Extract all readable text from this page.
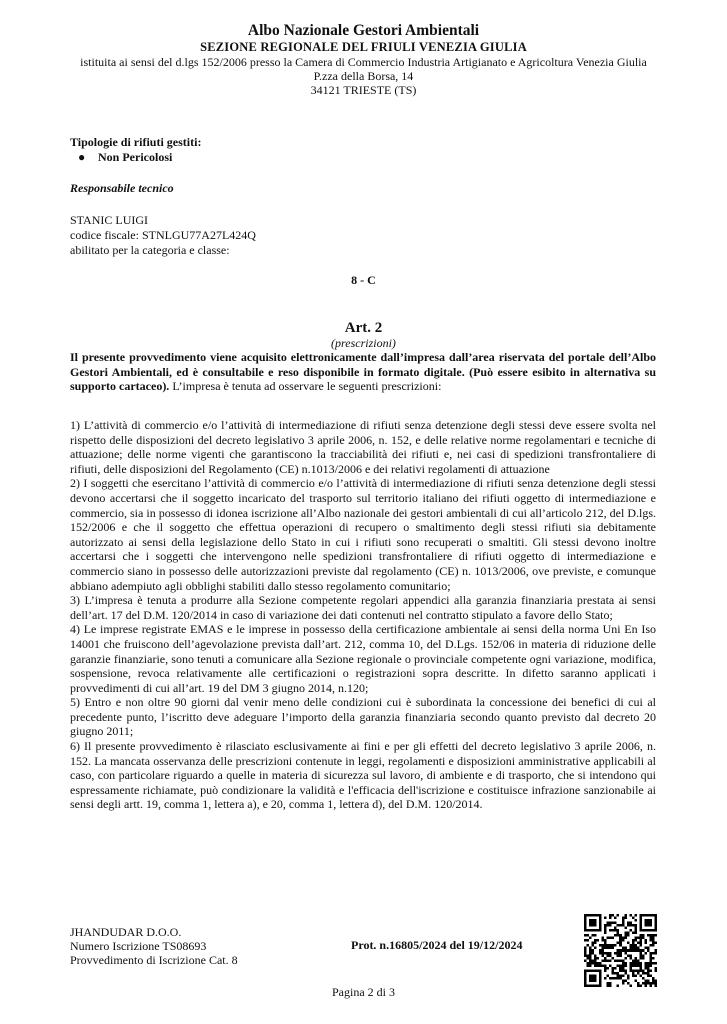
Albo Nazionale Gestori Ambientali
SEZIONE REGIONALE DEL FRIULI VENEZIA GIULIA
istituita ai sensi del d.lgs 152/2006 presso la Camera di Commercio Industria Artigianato e Agricoltura Venezia Giulia
P.zza della Borsa, 14
34121 TRIESTE (TS)
Tipologie di rifiuti gestiti:
● Non Pericolosi
Responsabile tecnico
STANIC LUIGI
codice fiscale: STNLGU77A27L424Q
abilitato per la categoria e classe:
8 - C
Art. 2
(prescrizioni)
Il presente provvedimento viene acquisito elettronicamente dall’impresa dall’area riservata del portale dell’Albo Gestori Ambientali, ed è consultabile e reso disponibile in formato digitale. (Può essere esibito in alternativa su supporto cartaceo). L’impresa è tenuta ad osservare le seguenti prescrizioni:

1) L’attività di commercio e/o l’attività di intermediazione di rifiuti senza detenzione degli stessi deve essere svolta nel rispetto delle disposizioni del decreto legislativo 3 aprile 2006, n. 152, e delle relative norme regolamentari e tecniche di attuazione; delle norme vigenti che garantiscono la tracciabilità dei rifiuti e, nei casi di spedizioni transfrontaliere di rifiuti, delle disposizioni del Regolamento (CE) n.1013/2006 e dei relativi regolamenti di attuazione

2) I soggetti che esercitano l’attività di commercio e/o l’attività di intermediazione di rifiuti senza detenzione degli stessi devono accertarsi che il soggetto incaricato del trasporto sul territorio italiano dei rifiuti oggetto di intermediazione e commercio, sia in possesso di idonea iscrizione all’Albo nazionale dei gestori ambientali di cui all’articolo 212, del D.lgs. 152/2006 e che il soggetto che effettua operazioni di recupero o smaltimento degli stessi rifiuti sia debitamente autorizzato ai sensi della legislazione dello Stato in cui i rifiuti sono recuperati o smaltiti. Gli stessi devono inoltre accertarsi che i soggetti che intervengono nelle spedizioni transfrontaliere di rifiuti oggetto di intermediazione e commercio siano in possesso delle autorizzazioni previste dal regolamento (CE) n. 1013/2006, ove previste, e comunque abbiano adempiuto agli obblighi stabiliti dallo stesso regolamento comunitario;

3) L’impresa è tenuta a produrre alla Sezione competente regolari appendici alla garanzia finanziaria prestata ai sensi dell’art. 17 del D.M. 120/2014 in caso di variazione dei dati contenuti nel contratto stipulato a favore dello Stato;

4) Le imprese registrate EMAS e le imprese in possesso della certificazione ambientale ai sensi della norma Uni En Iso 14001 che fruiscono dell’agevolazione prevista dall’art. 212, comma 10, del D.Lgs. 152/06 in materia di riduzione delle garanzie finanziarie, sono tenuti a comunicare alla Sezione regionale o provinciale competente ogni variazione, modifica, sospensione, revoca relativamente alle certificazioni o registrazioni sopra descritte. In difetto saranno applicati i provvedimenti di cui all’art. 19 del DM 3 giugno 2014, n.120;

5) Entro e non oltre 90 giorni dal venir meno delle condizioni cui è subordinata la concessione dei benefici di cui al precedente punto, l’iscritto deve adeguare l’importo della garanzia finanziaria secondo quanto previsto dal decreto 20 giugno 2011;

6) Il presente provvedimento è rilasciato esclusivamente ai fini e per gli effetti del decreto legislativo 3 aprile 2006, n. 152. La mancata osservanza delle prescrizioni contenute in leggi, regolamenti e disposizioni amministrative applicabili al caso, con particolare riguardo a quelle in materia di sicurezza sul lavoro, di ambiente e di trasporto, che si intendono qui espressamente richiamate, può condizionare la validità e l'efficacia dell'iscrizione e costituisce infrazione sanzionabile ai sensi degli artt. 19, comma 1, lettera a), e 20, comma 1, lettera d), del D.M. 120/2014.

JHANDUDAR D.O.O.
Numero Iscrizione TS08693
Provvedimento di Iscrizione Cat. 8
Prot. n.16805/2024 del 19/12/2024
Pagina 2 di 3
